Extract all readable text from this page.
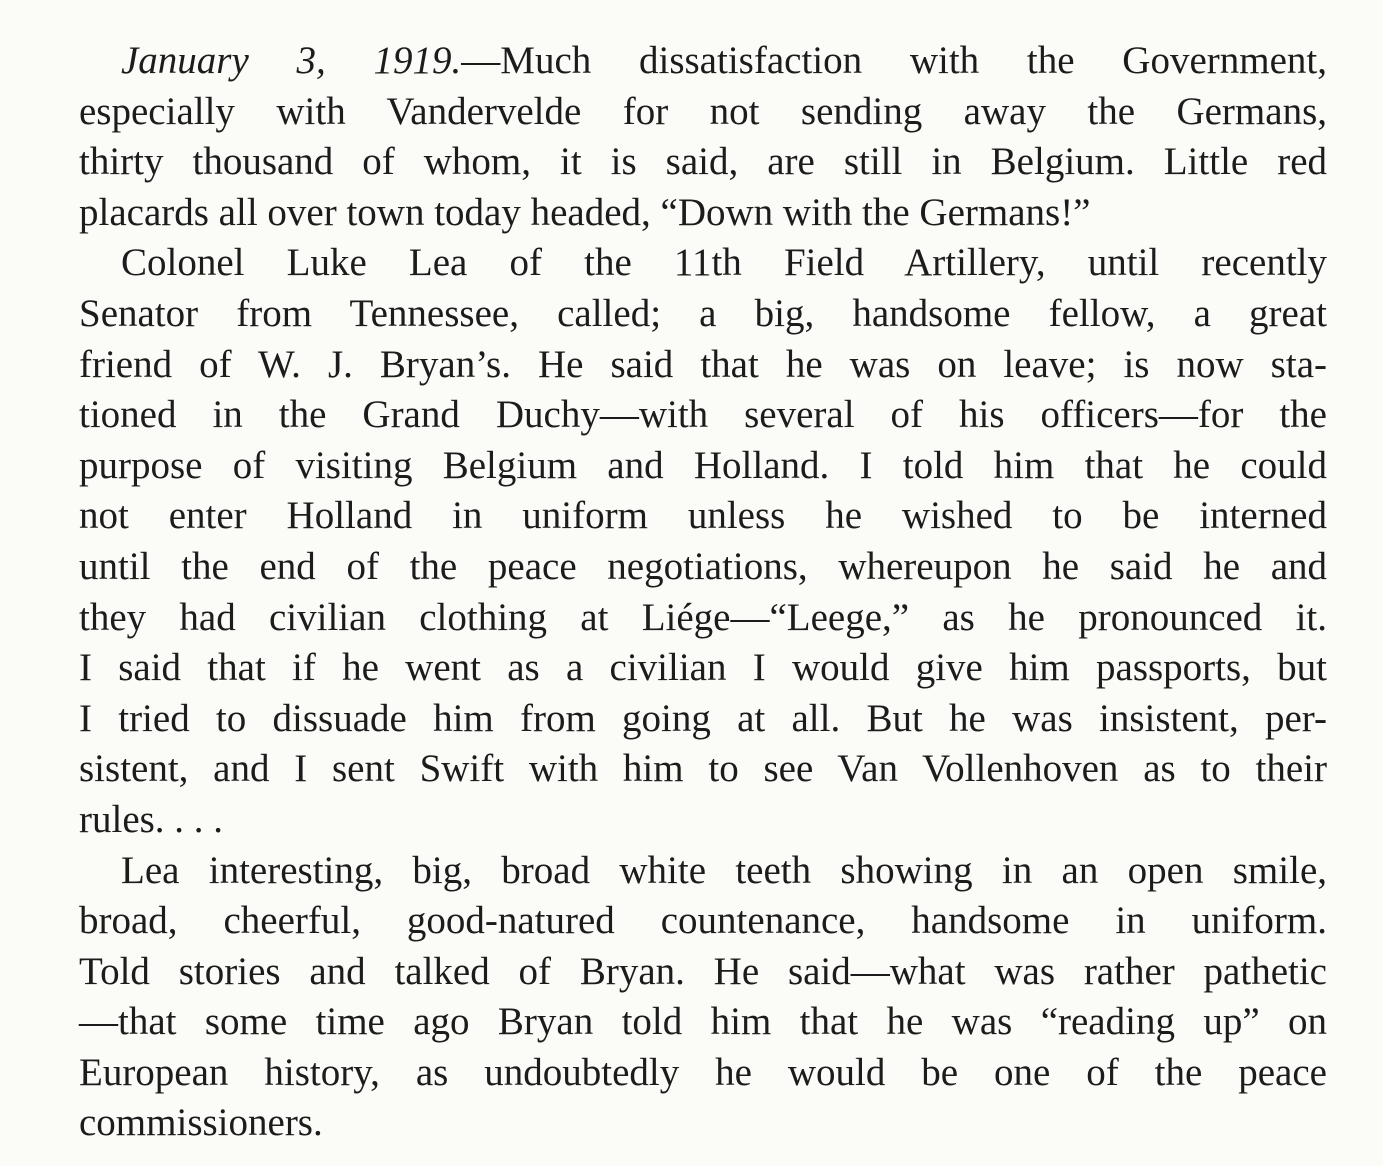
January 3, 1919.—Much dissatisfaction with the Government,
especially with Vandervelde for not sending away the Germans,
thirty thousand of whom, it is said, are still in Belgium. Little red
placards all over town today headed, “Down with the Germans!”
Colonel Luke Lea of the 11th Field Artillery, until recently
Senator from Tennessee, called; a big, handsome fellow, a great
friend of W. J. Bryan’s. He said that he was on leave; is now sta-
tioned in the Grand Duchy—with several of his officers—for the
purpose of visiting Belgium and Holland. I told him that he could
not enter Holland in uniform unless he wished to be interned
until the end of the peace negotiations, whereupon he said he and
they had civilian clothing at Liége—“Leege,” as he pronounced it.
I said that if he went as a civilian I would give him passports, but
I tried to dissuade him from going at all. But he was insistent, per-
sistent, and I sent Swift with him to see Van Vollenhoven as to their
rules. . . .
Lea interesting, big, broad white teeth showing in an open smile,
broad, cheerful, good-natured countenance, handsome in uniform.
Told stories and talked of Bryan. He said—what was rather pathetic
—that some time ago Bryan told him that he was “reading up” on
European history, as undoubtedly he would be one of the peace
commissioners.
